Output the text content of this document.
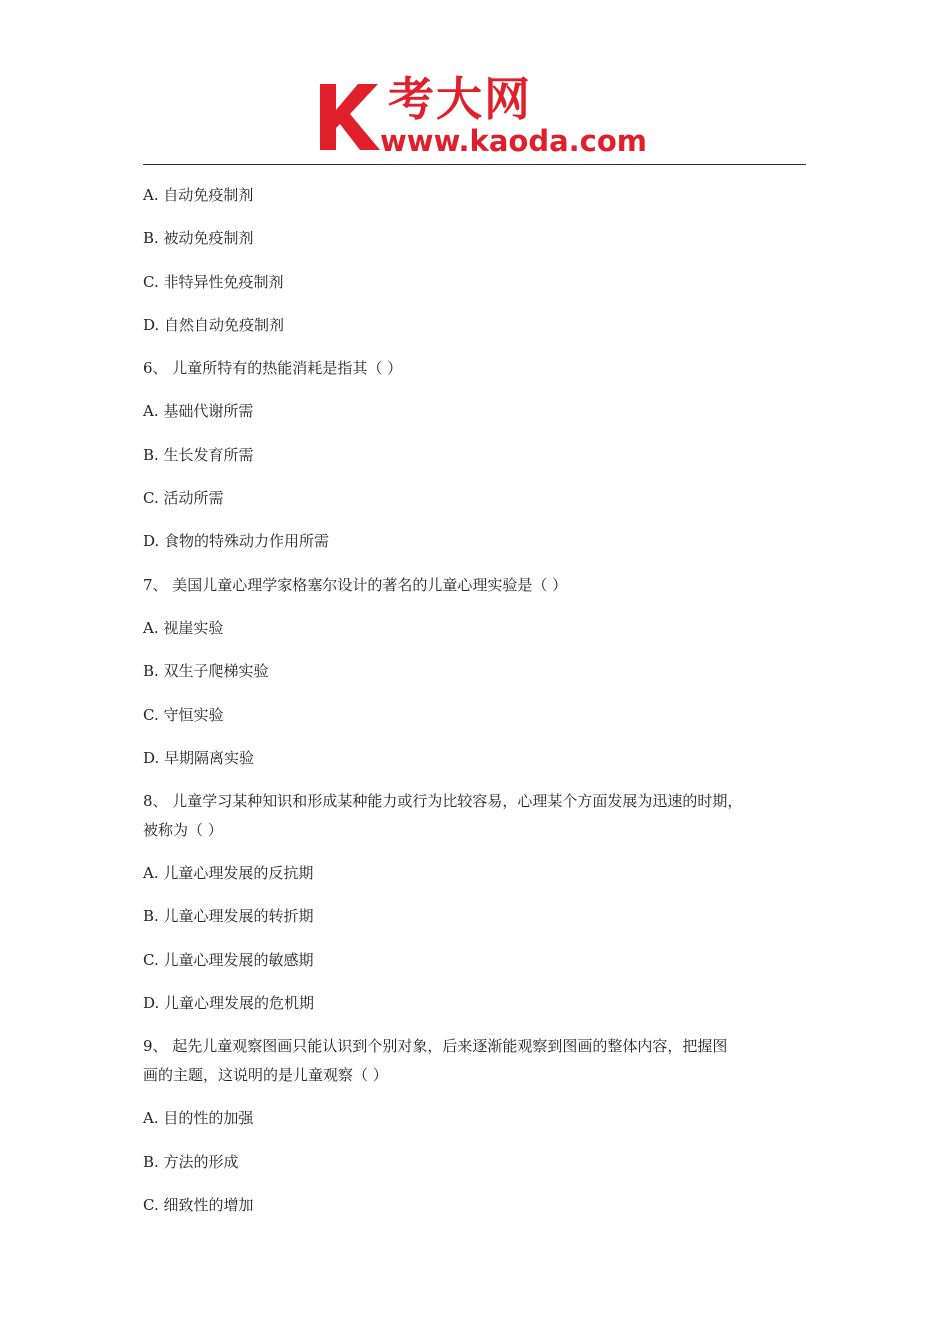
考大网
www.kaoda.com
A. 自动免疫制剂
B. 被动免疫制剂
C. 非特异性免疫制剂
D. 自然自动免疫制剂
6、 儿童所特有的热能消耗是指其（ ）
A. 基础代谢所需
B. 生长发育所需
C. 活动所需
D. 食物的特殊动力作用所需
7、 美国儿童心理学家格塞尔设计的著名的儿童心理实验是（ ）
A. 视崖实验
B. 双生子爬梯实验
C. 守恒实验
D. 早期隔离实验
8、 儿童学习某种知识和形成某种能力或行为比较容易，心理某个方面发展为迅速的时期，
被称为（ ）
A. 儿童心理发展的反抗期
B. 儿童心理发展的转折期
C. 儿童心理发展的敏感期
D. 儿童心理发展的危机期
9、 起先儿童观察图画只能认识到个别对象，后来逐渐能观察到图画的整体内容，把握图
画的主题，这说明的是儿童观察（ ）
A. 目的性的加强
B. 方法的形成
C. 细致性的增加
